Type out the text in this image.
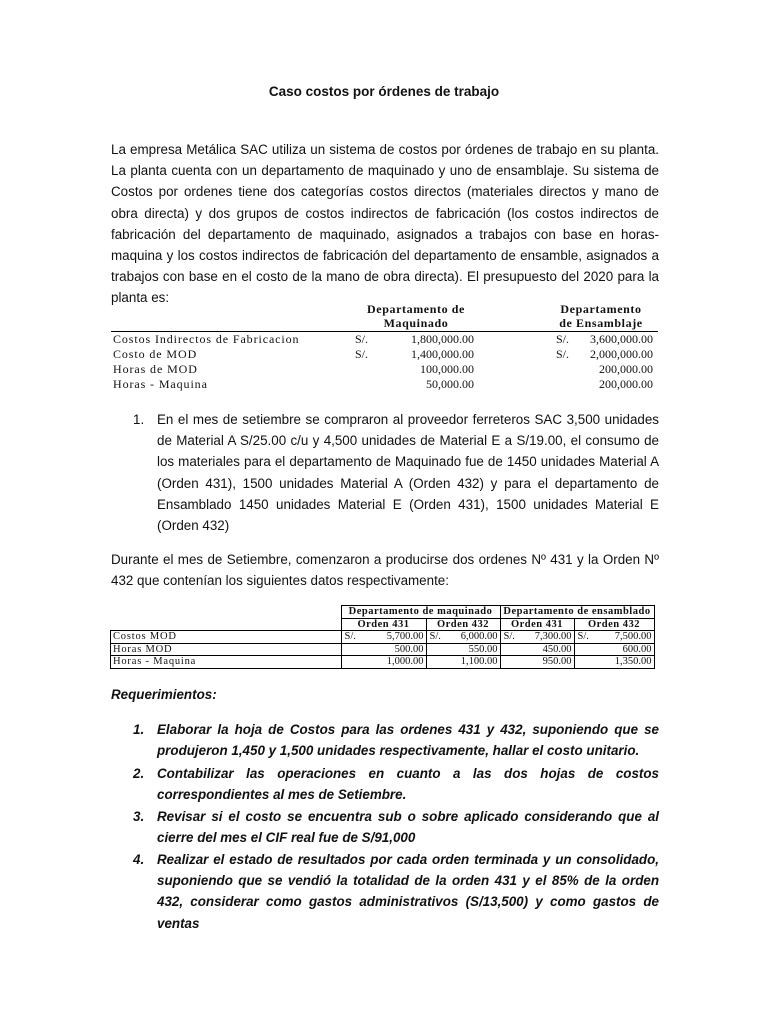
Caso costos por órdenes de trabajo
La empresa Metálica SAC utiliza un sistema de costos por órdenes de trabajo en su planta. La planta cuenta con un departamento de maquinado y uno de ensamblaje. Su sistema de Costos por ordenes tiene dos categorías costos directos (materiales directos y mano de obra directa) y dos grupos de costos indirectos de fabricación (los costos indirectos de fabricación del departamento de maquinado, asignados a trabajos con base en horas-maquina y los costos indirectos de fabricación del departamento de ensamble, asignados a trabajos con base en el costo de la mano de obra directa). El presupuesto del 2020 para la planta es:
Departamento de
Maquinado
Departamento
de Ensamblaje
Costos Indirectos de Fabricacion	S/.	1,800,000.00	S/. 3,600,000.00
Costo de MOD	S/.	1,400,000.00	S/. 2,000,000.00
Horas de MOD	100,000.00	200,000.00
Horas - Maquina	50,000.00	200,000.00
1. En el mes de setiembre se compraron al proveedor ferreteros SAC 3,500 unidades de Material A S/25.00 c/u y 4,500 unidades de Material E a S/19.00, el consumo de los materiales para el departamento de Maquinado fue de 1450 unidades Material A (Orden 431), 1500 unidades Material A (Orden 432) y para el departamento de Ensamblado 1450 unidades Material E (Orden 431), 1500 unidades Material E (Orden 432)
Durante el mes de Setiembre, comenzaron a producirse dos ordenes Nº 431 y la Orden Nº 432 que contenían los siguientes datos respectivamente:
	Departamento de maquinado		Departamento de ensamblado	
	Orden 431	Orden 432	Orden 431	Orden 432
Costos MOD	S/. 5,700.00	S/. 6,000.00	S/. 7,300.00	S/. 7,500.00
Horas MOD	500.00	550.00	450.00	600.00
Horas - Maquina	1,000.00	1,100.00	950.00	1,350.00
Requerimientos:
1. Elaborar la hoja de Costos para las ordenes 431 y 432, suponiendo que se produjeron 1,450 y 1,500 unidades respectivamente, hallar el costo unitario.
2. Contabilizar las operaciones en cuanto a las dos hojas de costos correspondientes al mes de Setiembre.
3. Revisar si el costo se encuentra sub o sobre aplicado considerando que al cierre del mes el CIF real fue de S/91,000
4. Realizar el estado de resultados por cada orden terminada y un consolidado, suponiendo que se vendió la totalidad de la orden 431 y el 85% de la orden 432, considerar como gastos administrativos (S/13,500) y como gastos de ventas
